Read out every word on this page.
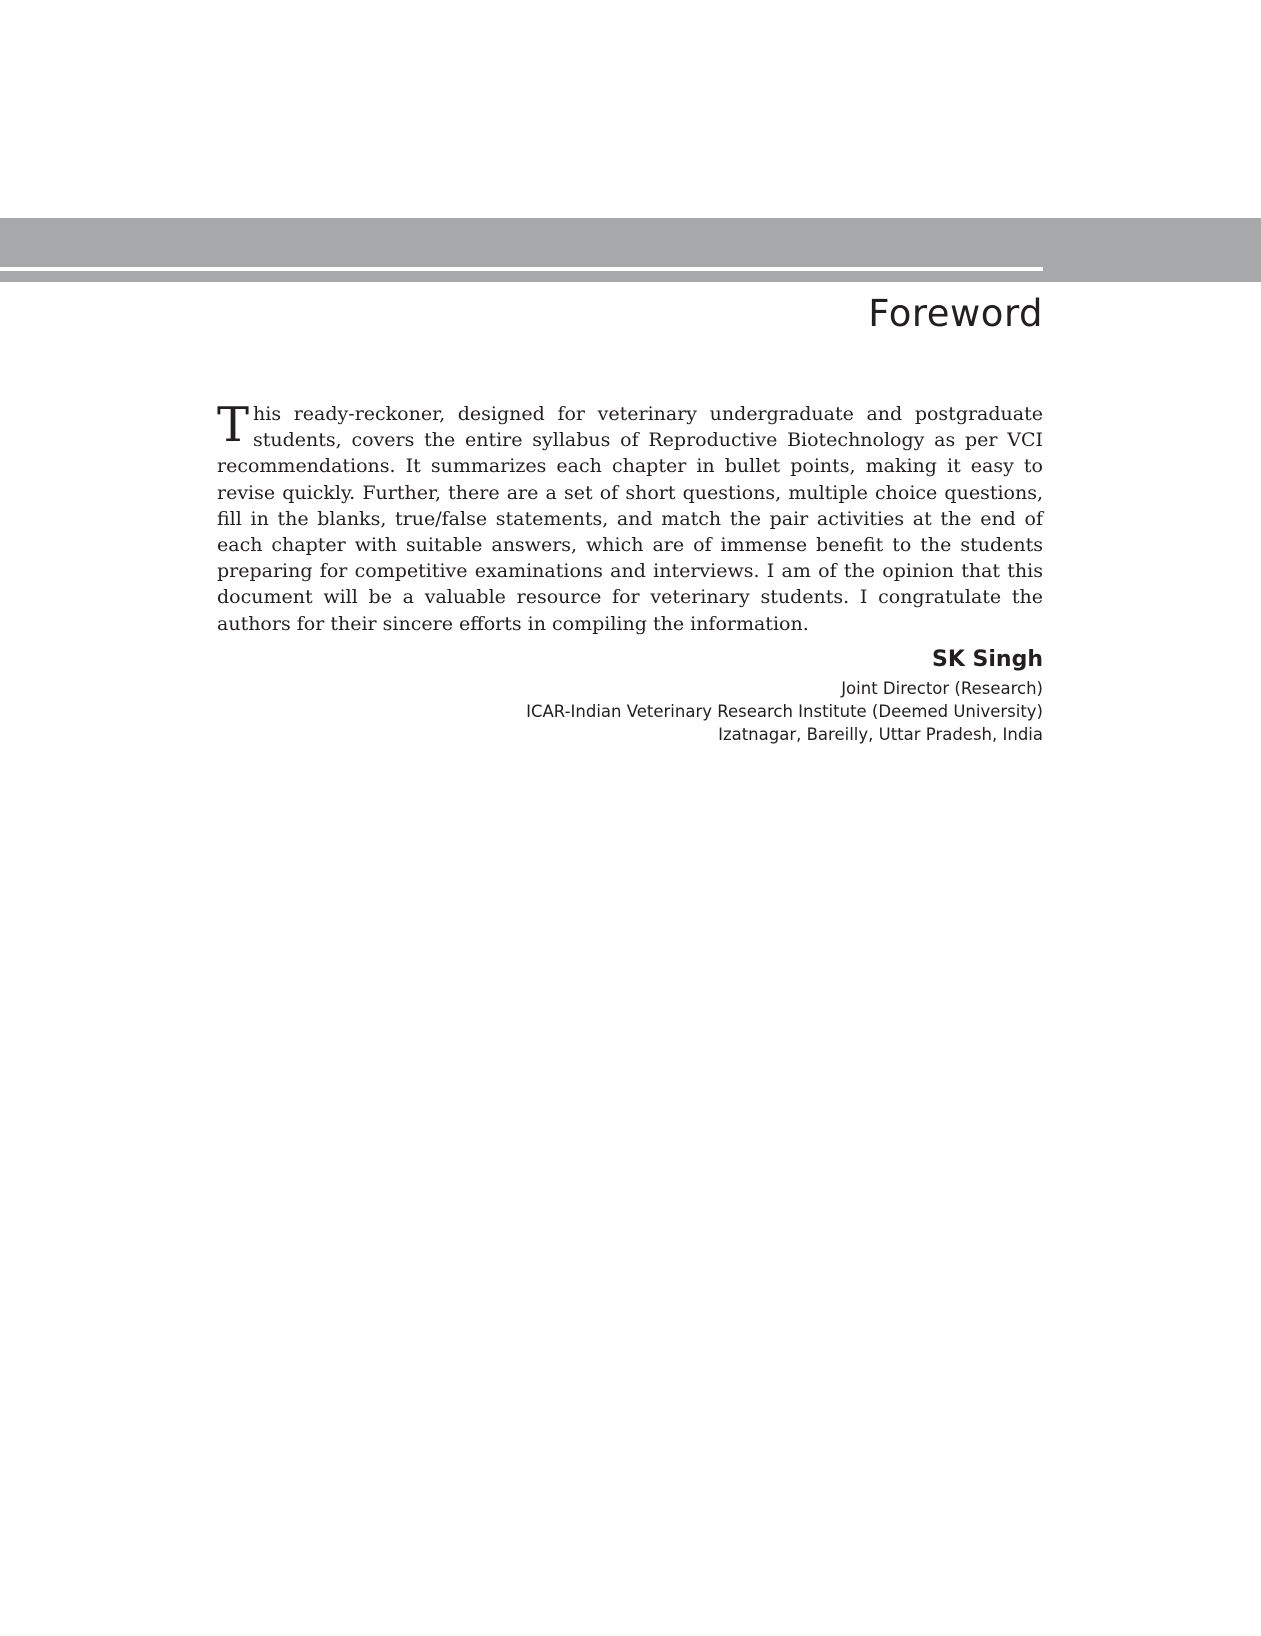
Foreword

This ready-reckoner, designed for veterinary undergraduate and postgraduate students, covers the entire syllabus of Reproductive Biotechnology as per VCI recommendations. It summarizes each chapter in bullet points, making it easy to revise quickly. Further, there are a set of short questions, multiple choice questions, fill in the blanks, true/false statements, and match the pair activities at the end of each chapter with suitable answers, which are of immense benefit to the students preparing for competitive examinations and interviews. I am of the opinion that this document will be a valuable resource for veterinary students. I congratulate the authors for their sincere efforts in compiling the information.

SK Singh
Joint Director (Research)
ICAR-Indian Veterinary Research Institute (Deemed University)
Izatnagar, Bareilly, Uttar Pradesh, India
